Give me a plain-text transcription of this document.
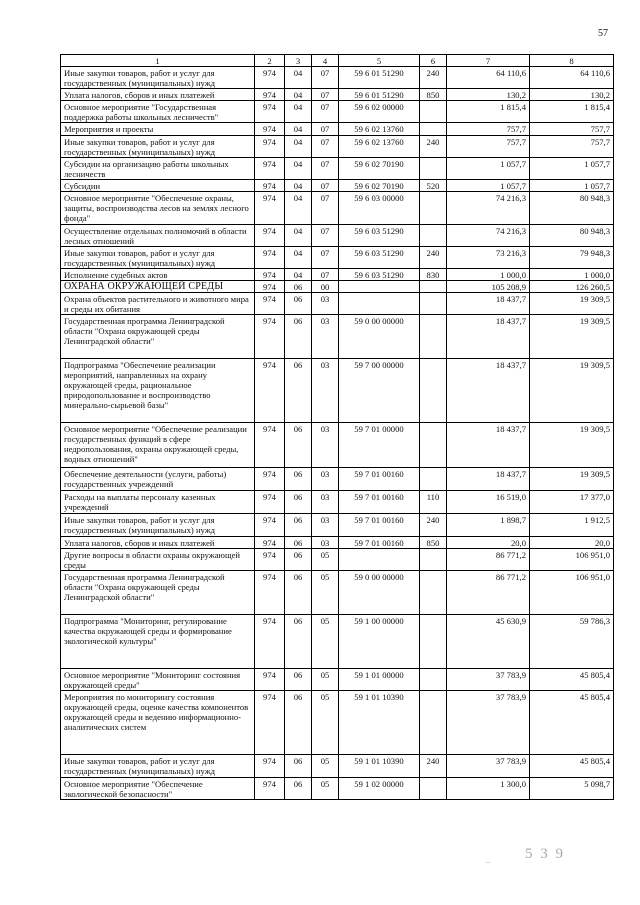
57
1	2	3	4	5	6	7	8
Иные закупки товаров, работ и услуг для государственных (муниципальных) нужд	974	04	07	59 6 01 51290	240	64 110,6	64 110,6
Уплата налогов, сборов и иных платежей	974	04	07	59 6 01 51290	850	130,2	130,2
Основное мероприятие "Государственная поддержка работы школьных лесничеств"	974	04	07	59 6 02 00000		1 815,4	1 815,4
Мероприятия и проекты	974	04	07	59 6 02 13760		757,7	757,7
Иные закупки товаров, работ и услуг для государственных (муниципальных) нужд	974	04	07	59 6 02 13760	240	757,7	757,7
Субсидии на организацию работы школьных лесничеств	974	04	07	59 6 02 70190		1 057,7	1 057,7
Субсидии	974	04	07	59 6 02 70190	520	1 057,7	1 057,7
Основное мероприятие "Обеспечение охраны, защиты, воспроизводства лесов на землях лесного фонда"	974	04	07	59 6 03 00000		74 216,3	80 948,3
Осуществление отдельных полномочий в области лесных отношений	974	04	07	59 6 03 51290		74 216,3	80 948,3
Иные закупки товаров, работ и услуг для государственных (муниципальных) нужд	974	04	07	59 6 03 51290	240	73 216,3	79 948,3
Исполнение судебных актов	974	04	07	59 6 03 51290	830	1 000,0	1 000,0
ОХРАНА ОКРУЖАЮЩЕЙ СРЕДЫ	974	06	00			105 208,9	126 260,5
Охрана объектов растительного и животного мира и среды их обитания	974	06	03			18 437,7	19 309,5
Государственная программа Ленинградской области "Охрана окружающей среды Ленинградской области"	974	06	03	59 0 00 00000		18 437,7	19 309,5
Подпрограмма "Обеспечение реализации мероприятий, направленных на охрану окружающей среды, рациональное природопользование и воспроизводство минерально-сырьевой базы"	974	06	03	59 7 00 00000		18 437,7	19 309,5
Основное мероприятие "Обеспечение реализации государственных функций в сфере недропользования, охраны окружающей среды, водных отношений"	974	06	03	59 7 01 00000		18 437,7	19 309,5
Обеспечение деятельности (услуги, работы) государственных учреждений	974	06	03	59 7 01 00160		18 437,7	19 309,5
Расходы на выплаты персоналу казенных учреждений	974	06	03	59 7 01 00160	110	16 519,0	17 377,0
Иные закупки товаров, работ и услуг для государственных (муниципальных) нужд	974	06	03	59 7 01 00160	240	1 898,7	1 912,5
Уплата налогов, сборов и иных платежей	974	06	03	59 7 01 00160	850	20,0	20,0
Другие вопросы в области охраны окружающей среды	974	06	05			86 771,2	106 951,0
Государственная программа Ленинградской области "Охрана окружающей среды Ленинградской области"	974	06	05	59 0 00 00000		86 771,2	106 951,0
Подпрограмма "Мониторинг, регулирование качества окружающей среды и формирование экологической культуры"	974	06	05	59 1 00 00000		45 630,9	59 786,3
Основное мероприятие "Мониторинг состояния окружающей среды"	974	06	05	59 1 01 00000		37 783,9	45 805,4
Мероприятия по мониторингу состояния окружающей среды, оценке качества компонентов окружающей среды и ведению информационно-аналитических систем	974	06	05	59 1 01 10390		37 783,9	45 805,4
Иные закупки товаров, работ и услуг для государственных (муниципальных) нужд	974	06	05	59 1 01 10390	240	37 783,9	45 805,4
Основное мероприятие "Обеспечение экологической безопасности"	974	06	05	59 1 02 00000		1 300,0	5 098,7
.. 5 3 9
